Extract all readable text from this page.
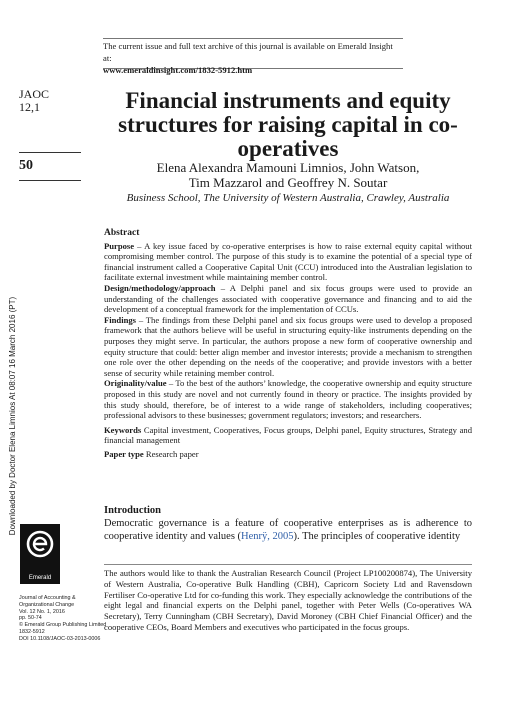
The current issue and full text archive of this journal is available on Emerald Insight at:
www.emeraldinsight.com/1832-5912.htm
JAOC
12,1
50
Financial instruments and equity structures for raising capital in co-operatives
Elena Alexandra Mamouni Limnios, John Watson,
Tim Mazzarol and Geoffrey N. Soutar
Business School, The University of Western Australia, Crawley, Australia
Abstract

Purpose – A key issue faced by co-operative enterprises is how to raise external equity capital without compromising member control. The purpose of this study is to examine the potential of a special type of financial instrument called a Cooperative Capital Unit (CCU) introduced into the Australian legislation to facilitate external investment while maintaining member control.

Design/methodology/approach – A Delphi panel and six focus groups were used to provide an understanding of the challenges associated with cooperative governance and financing and to aid the development of a conceptual framework for the implementation of CCUs.

Findings – The findings from these Delphi panel and six focus groups were used to develop a proposed framework that the authors believe will be useful in structuring equity-like instruments depending on the purposes they might serve. In particular, the authors propose a new form of cooperative ownership and equity structure that could: better align member and investor interests; provide a mechanism to strengthen one role over the other depending on the needs of the cooperative; and provide investors with a better sense of security while retaining member control.

Originality/value – To the best of the authors’ knowledge, the cooperative ownership and equity structure proposed in this study are novel and not currently found in theory or practice. The insights provided by this study should, therefore, be of interest to a wide range of stakeholders, including cooperatives; professional advisors to these businesses; government regulators; investors; and researchers.

Keywords Capital investment, Cooperatives, Focus groups, Delphi panel, Equity structures, Strategy and financial management

Paper type Research paper

Introduction
Democratic governance is a feature of cooperative enterprises as is adherence to cooperative identity and values (Henrÿ, 2005). The principles of cooperative identity
The authors would like to thank the Australian Research Council (Project LP100200874), The University of Western Australia, Co-operative Bulk Handling (CBH), Capricorn Society Ltd and Ravensdown Fertiliser Co-operative Ltd for co-funding this work. They especially acknowledge the contributions of the eight legal and financial experts on the Delphi panel, together with Peter Wells (Co-operatives WA Secretary), Terry Cunningham (CBH Secretary), David Moroney (CBH Chief Financial Officer) and the cooperative CEOs, Board Members and executives who participated in the focus groups.
Downloaded by Doctor Elena Limnios At 08:07 16 March 2016 (PT)
Emerald
Journal of Accounting &
Organizational Change
Vol. 12 No. 1, 2016
pp. 50-74
© Emerald Group Publishing Limited
1832-5912
DOI 10.1108/JAOC-03-2013-0006
